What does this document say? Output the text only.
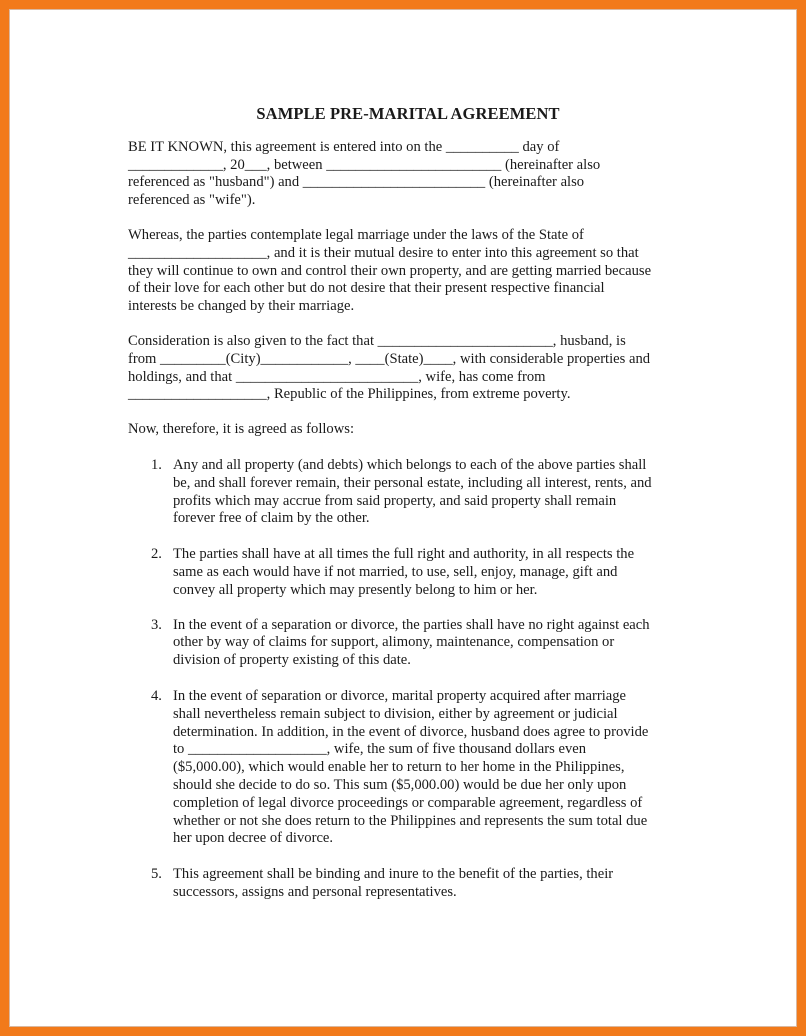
SAMPLE PRE-MARITAL AGREEMENT
BE IT KNOWN, this agreement is entered into on the __________ day of
_____________, 20___, between ________________________ (hereinafter also
referenced as "husband") and _________________________ (hereinafter also
referenced as "wife").
Whereas, the parties contemplate legal marriage under the laws of the State of
___________________, and it is their mutual desire to enter into this agreement so that
they will continue to own and control their own property, and are getting married because
of their love for each other but do not desire that their present respective financial
interests be changed by their marriage.
Consideration is also given to the fact that ________________________, husband, is
from _________(City)____________, ____(State)____, with considerable properties and
holdings, and that _________________________, wife, has come from
___________________, Republic of the Philippines, from extreme poverty.
Now, therefore, it is agreed as follows:
1. Any and all property (and debts) which belongs to each of the above parties shall
be, and shall forever remain, their personal estate, including all interest, rents, and
profits which may accrue from said property, and said property shall remain
forever free of claim by the other.
2. The parties shall have at all times the full right and authority, in all respects the
same as each would have if not married, to use, sell, enjoy, manage, gift and
convey all property which may presently belong to him or her.
3. In the event of a separation or divorce, the parties shall have no right against each
other by way of claims for support, alimony, maintenance, compensation or
division of property existing of this date.
4. In the event of separation or divorce, marital property acquired after marriage
shall nevertheless remain subject to division, either by agreement or judicial
determination. In addition, in the event of divorce, husband does agree to provide
to ___________________, wife, the sum of five thousand dollars even
($5,000.00), which would enable her to return to her home in the Philippines,
should she decide to do so. This sum ($5,000.00) would be due her only upon
completion of legal divorce proceedings or comparable agreement, regardless of
whether or not she does return to the Philippines and represents the sum total due
her upon decree of divorce.
5. This agreement shall be binding and inure to the benefit of the parties, their
successors, assigns and personal representatives.
